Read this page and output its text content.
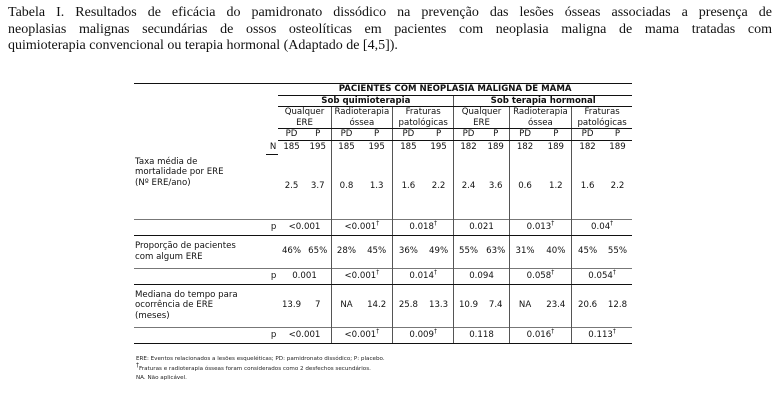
Tabela I. Resultados de eficácia do pamidronato dissódico na prevenção das lesões ósseas associadas a presença de
neoplasias malignas secundárias de ossos osteolíticas em pacientes com neoplasia maligna de mama tratadas com
quimioterapia convencional ou terapia hormonal (Adaptado de [4,5]).
		PACIENTES COM NEOPLASIA MALIGNA DE MAMA											
		Sob quimioterapia						Sob terapia hormonal					
		Qualquer		Radioterapia		Fraturas		Qualquer		Radioterapia		Fraturas	
		ERE		óssea		patológicas		ERE		óssea		patológicas	
		PD	P	PD	P	PD	P	PD	P	PD	P	PD	P
	N	185	195	185	195	185	195	182	189	182	189	182	189

Taxa média de
mortalidade por ERE
(Nº ERE/ano)		2.5	3.7	0.8	1.3	1.6	2.2	2.4	3.6	0.6	1.2	1.6	2.2
	p	<0.001		<0.001†		0.018†		0.021		0.013†		0.04†

Proporção de pacientes
com algum ERE		46%	65%	28%	45%	36%	49%	55%	63%	31%	40%	45%	55%
	p	0.001		<0.001†		0.014†		0.094		0.058†		0.054†

Mediana do tempo para
ocorrência de ERE
(meses)		13.9	7	NA	14.2	25.8	13.3	10.9	7.4	NA	23.4	20.6	12.8
	p	<0.001		<0.001†		0.009†		0.118		0.016†		0.113†
ERE: Eventos relacionados a lesões esqueléticas; PD: pamidronato dissódico; P: placebo.
†Fraturas e radioterapia ósseas foram considerados como 2 desfechos secundários.
NA. Não aplicável.
